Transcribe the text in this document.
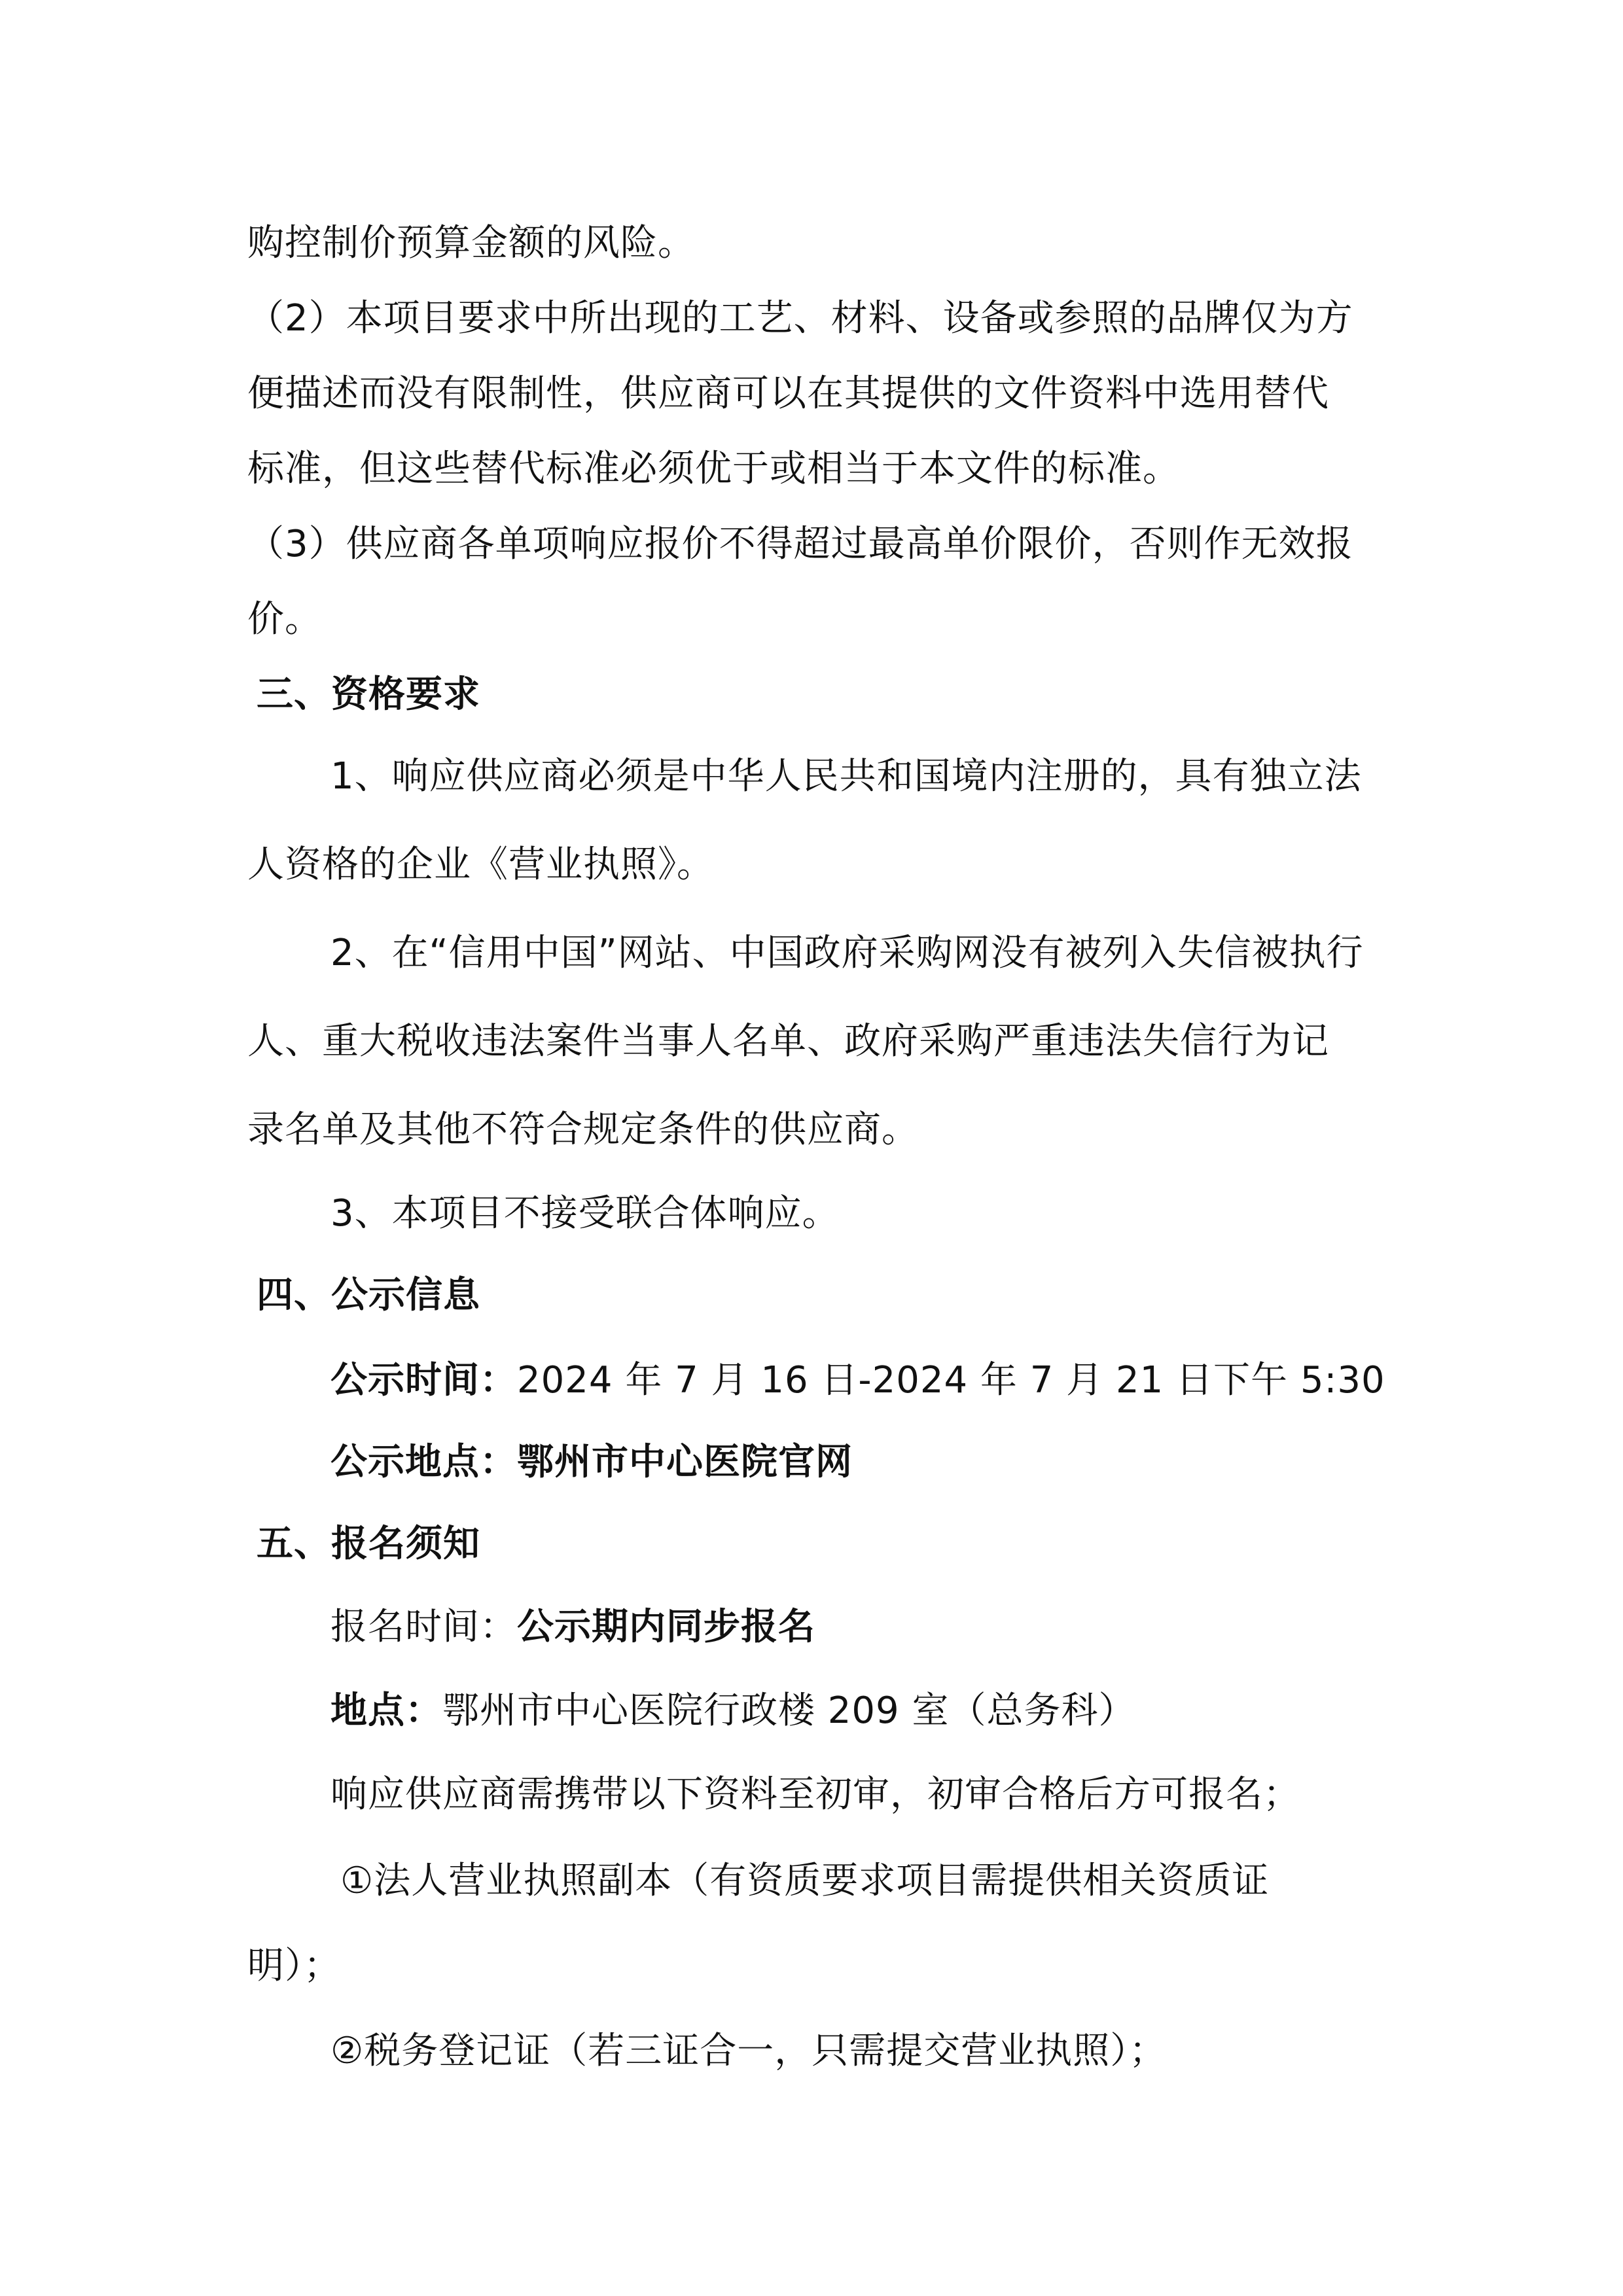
购控制价预算金额的风险。
（2）本项目要求中所出现的工艺、材料、设备或参照的品牌仅为方
便描述而没有限制性，供应商可以在其提供的文件资料中选用替代
标准，但这些替代标准必须优于或相当于本文件的标准。
（3）供应商各单项响应报价不得超过最高单价限价，否则作无效报
价。
三、资格要求
1、响应供应商必须是中华人民共和国境内注册的，具有独立法
人资格的企业《营业执照》。
2、在“信用中国”网站、中国政府采购网没有被列入失信被执行
人、重大税收违法案件当事人名单、政府采购严重违法失信行为记
录名单及其他不符合规定条件的供应商。
3、本项目不接受联合体响应。
四、公示信息
公示时间：2024 年 7 月 16 日-2024 年 7 月 21 日下午 5:30
公示地点：鄂州市中心医院官网
五、报名须知
报名时间：公示期内同步报名
地点：鄂州市中心医院行政楼 209 室（总务科）
响应供应商需携带以下资料至初审，初审合格后方可报名；
①法人营业执照副本（有资质要求项目需提供相关资质证
明）；
②税务登记证（若三证合一，只需提交营业执照）；
